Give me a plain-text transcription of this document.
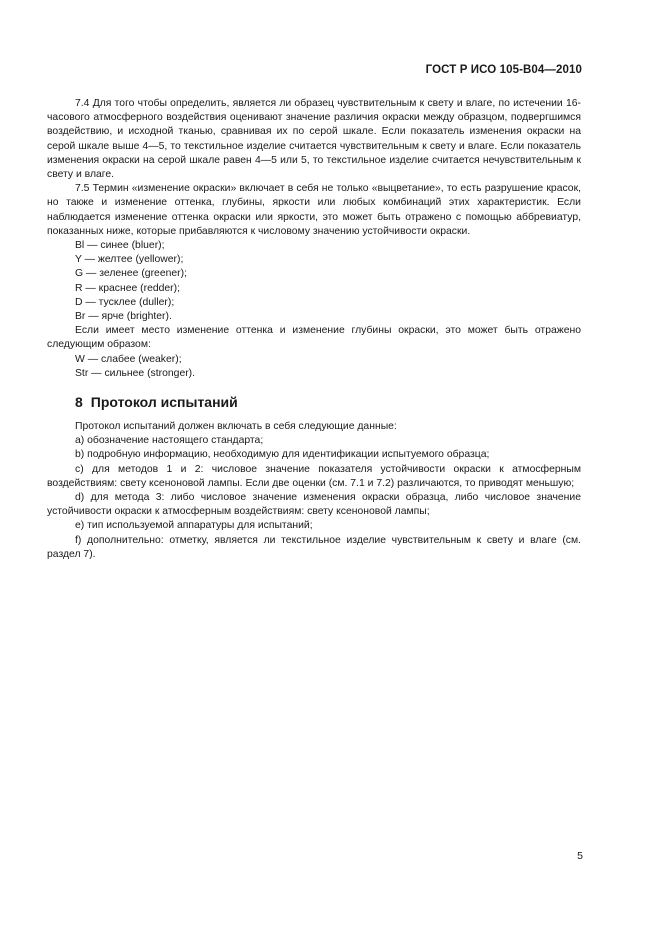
ГОСТ Р ИСО 105-В04—2010

7.4 Для того чтобы определить, является ли образец чувствительным к свету и влаге, по истечении 16-часового атмосферного воздействия оценивают значение различия окраски между образцом, подвергшимся воздействию, и исходной тканью, сравнивая их по серой шкале. Если показатель изменения окраски на серой шкале выше 4—5, то текстильное изделие считается чувствительным к свету и влаге. Если показатель изменения окраски на серой шкале равен 4—5 или 5, то текстильное изделие считается нечувствительным к свету и влаге.

7.5 Термин «изменение окраски» включает в себя не только «выцветание», то есть разрушение красок, но также и изменение оттенка, глубины, яркости или любых комбинаций этих характеристик. Если наблюдается изменение оттенка окраски или яркости, это может быть отражено с помощью аббревиатур, показанных ниже, которые прибавляются к числовому значению устойчивости окраски.

Bl — синее (bluer);

Y — желтее (yellower);

G — зеленее (greener);

R — краснее (redder);

D — тусклее (duller);

Br — ярче (brighter).

Если имеет место изменение оттенка и изменение глубины окраски, это может быть отражено следующим образом:

W — слабее (weaker);

Str — сильнее (stronger).

8 Протокол испытаний

Протокол испытаний должен включать в себя следующие данные:

a) обозначение настоящего стандарта;

b) подробную информацию, необходимую для идентификации испытуемого образца;

c) для методов 1 и 2: числовое значение показателя устойчивости окраски к атмосферным воздействиям: свету ксеноновой лампы. Если две оценки (см. 7.1 и 7.2) различаются, то приводят меньшую;

d) для метода 3: либо числовое значение изменения окраски образца, либо числовое значение устойчивости окраски к атмосферным воздействиям: свету ксеноновой лампы;

e) тип используемой аппаратуры для испытаний;

f) дополнительно: отметку, является ли текстильное изделие чувствительным к свету и влаге (см. раздел 7).

5
